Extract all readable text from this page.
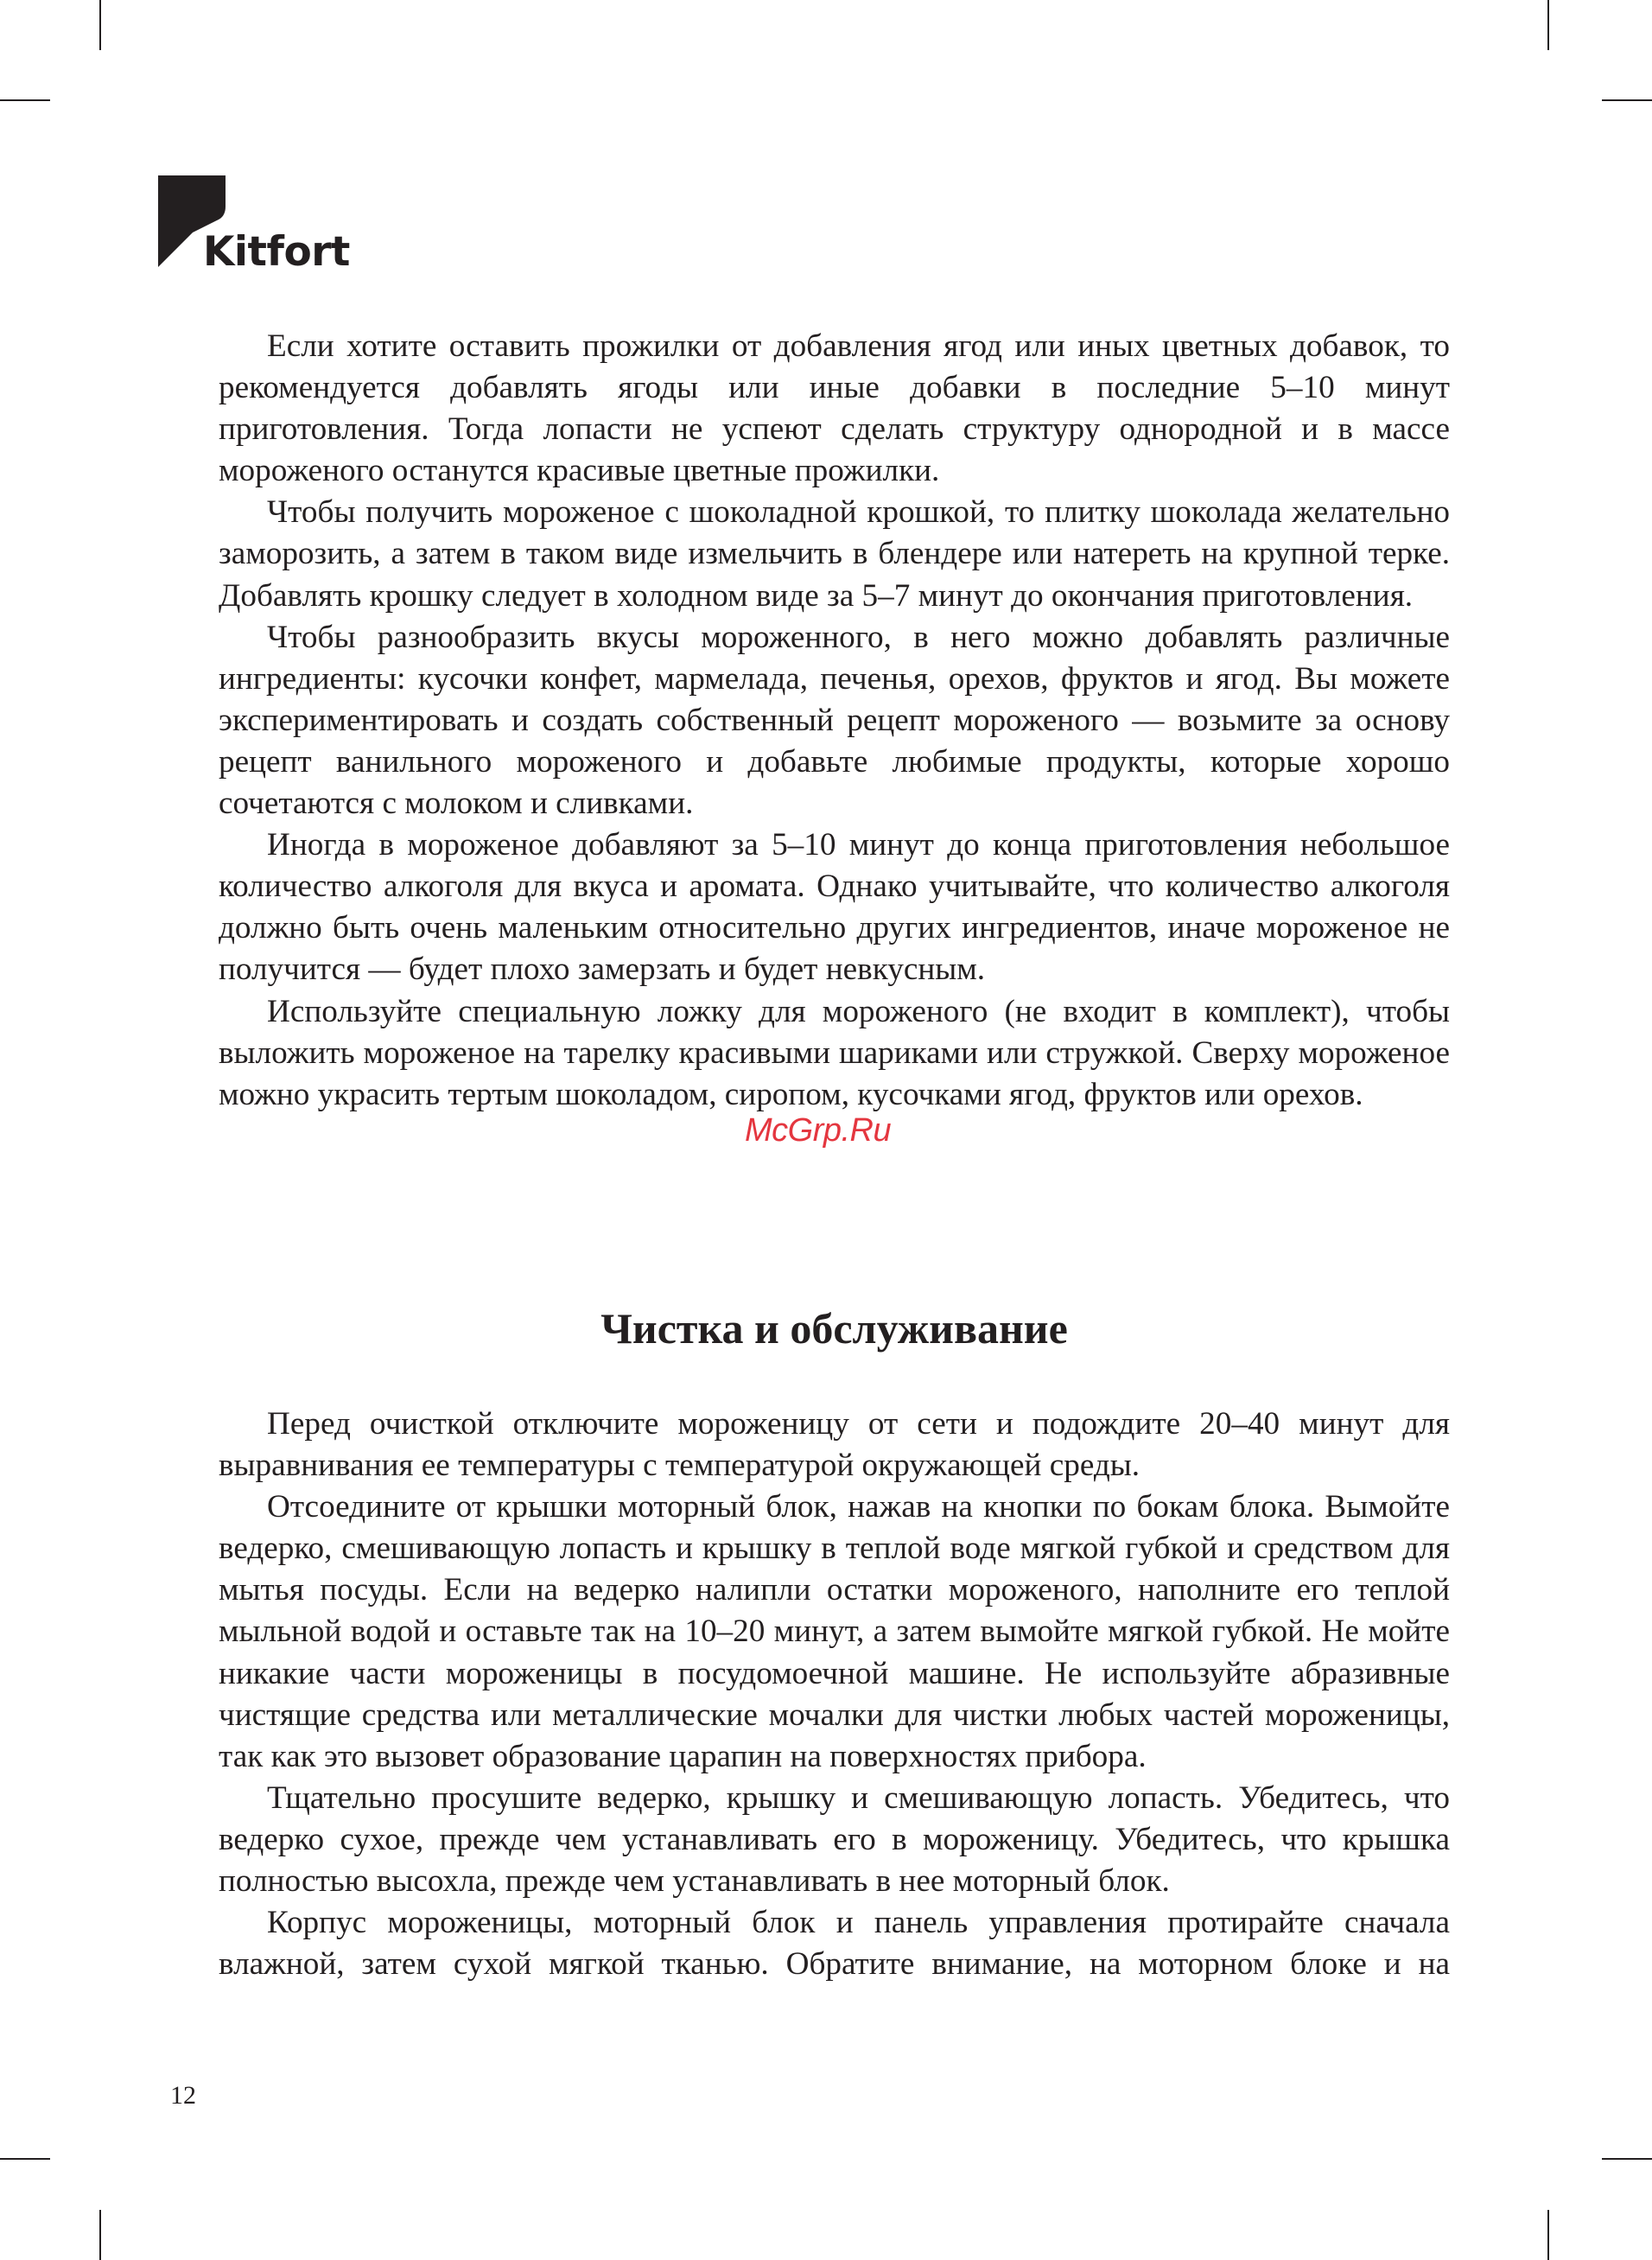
Kitfort

Если хотите оставить прожилки от добавления ягод или иных цветных добавок, то рекомендуется добавлять ягоды или иные добавки в последние 5–10 минут приготовления. Тогда лопасти не успеют сделать структуру однородной и в массе мороженого останутся красивые цветные прожилки.

Чтобы получить мороженое с шоколадной крошкой, то плитку шоколада желательно заморозить, а затем в таком виде измельчить в блендере или натереть на крупной терке. Добавлять крошку следует в холодном виде за 5–7 минут до окончания приготовления.

Чтобы разнообразить вкусы мороженного, в него можно добавлять различные ингредиенты: кусочки конфет, мармелада, печенья, орехов, фруктов и ягод. Вы можете экспериментировать и создать собственный рецепт мороженого — возьмите за основу рецепт ванильного мороженого и добавьте любимые продукты, которые хорошо сочетаются с молоком и сливками.

Иногда в мороженое добавляют за 5–10 минут до конца приготовления небольшое количество алкоголя для вкуса и аромата. Однако учитывайте, что количество алкоголя должно быть очень маленьким относительно других ингредиентов, иначе мороженое не получится — будет плохо замерзать и будет невкусным.

Используйте специальную ложку для мороженого (не входит в комплект), чтобы выложить мороженое на тарелку красивыми шариками или стружкой. Сверху мороженое можно украсить тертым шоколадом, сиропом, кусочками ягод, фруктов или орехов.

McGrp.Ru
Чистка и обслуживание

Перед очисткой отключите мороженицу от сети и подождите 20–40 минут для выравнивания ее температуры с температурой окружающей среды.

Отсоедините от крышки моторный блок, нажав на кнопки по бокам блока. Вымойте ведерко, смешивающую лопасть и крышку в теплой воде мягкой губкой и средством для мытья посуды. Если на ведерко налипли остатки мороженого, наполните его теплой мыльной водой и оставьте так на 10–20 минут, а затем вымойте мягкой губкой. Не мойте никакие части мороженицы в посудомоечной машине. Не используйте абразивные чистящие средства или металлические мочалки для чистки любых частей мороженицы, так как это вызовет образование царапин на поверхностях прибора.

Тщательно просушите ведерко, крышку и смешивающую лопасть. Убедитесь, что ведерко сухое, прежде чем устанавливать его в мороженицу. Убедитесь, что крышка полностью высохла, прежде чем устанавливать в нее моторный блок.

Корпус мороженицы, моторный блок и панель управления протирайте сначала влажной, затем сухой мягкой тканью. Обратите внимание, на моторном блоке и на

12
